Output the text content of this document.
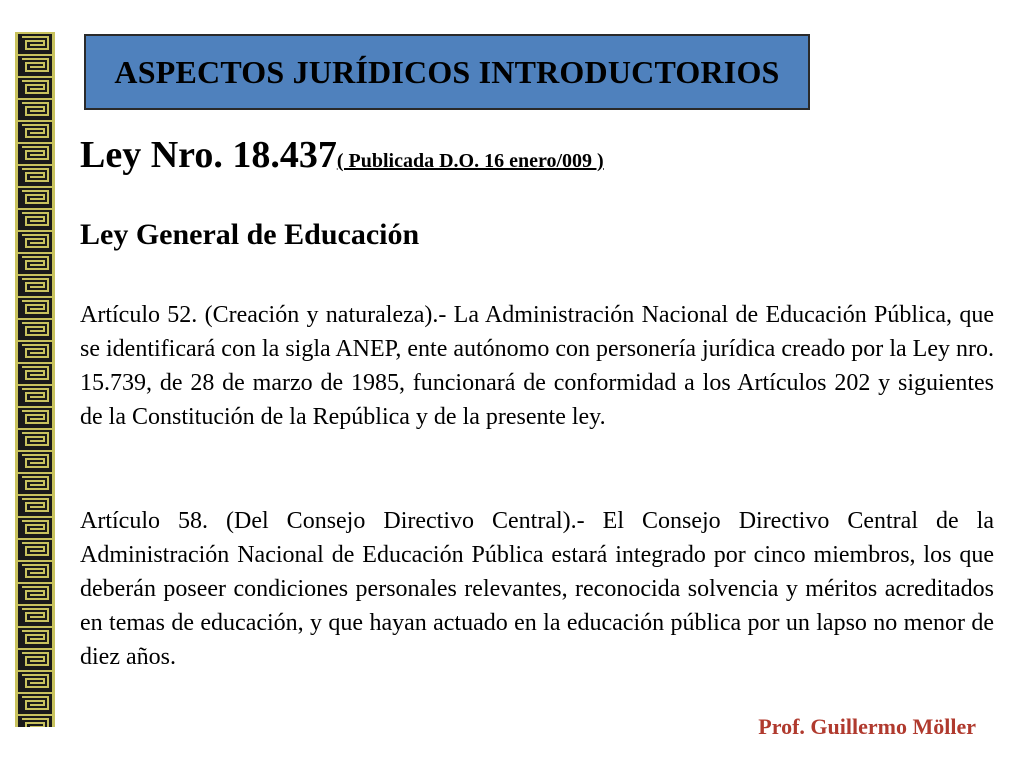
ASPECTOS JURÍDICOS INTRODUCTORIOS
Ley Nro. 18.437( Publicada D.O. 16 enero/009 )
Ley General de Educación

Artículo 52. (Creación y naturaleza).- La Administración Nacional de Educación Pública, que se identificará con la sigla ANEP, ente autónomo con personería jurídica creado por la Ley nro. 15.739, de 28 de marzo de 1985, funcionará de conformidad a los Artículos 202 y siguientes de la Constitución de la República y de la presente ley.

Artículo 58. (Del Consejo Directivo Central).- El Consejo Directivo Central de la Administración Nacional de Educación Pública estará integrado por cinco miembros, los que deberán poseer condiciones personales relevantes, reconocida solvencia y méritos acreditados en temas de educación, y que hayan actuado en la educación pública por un lapso no menor de diez años.

Prof. Guillermo Möller
